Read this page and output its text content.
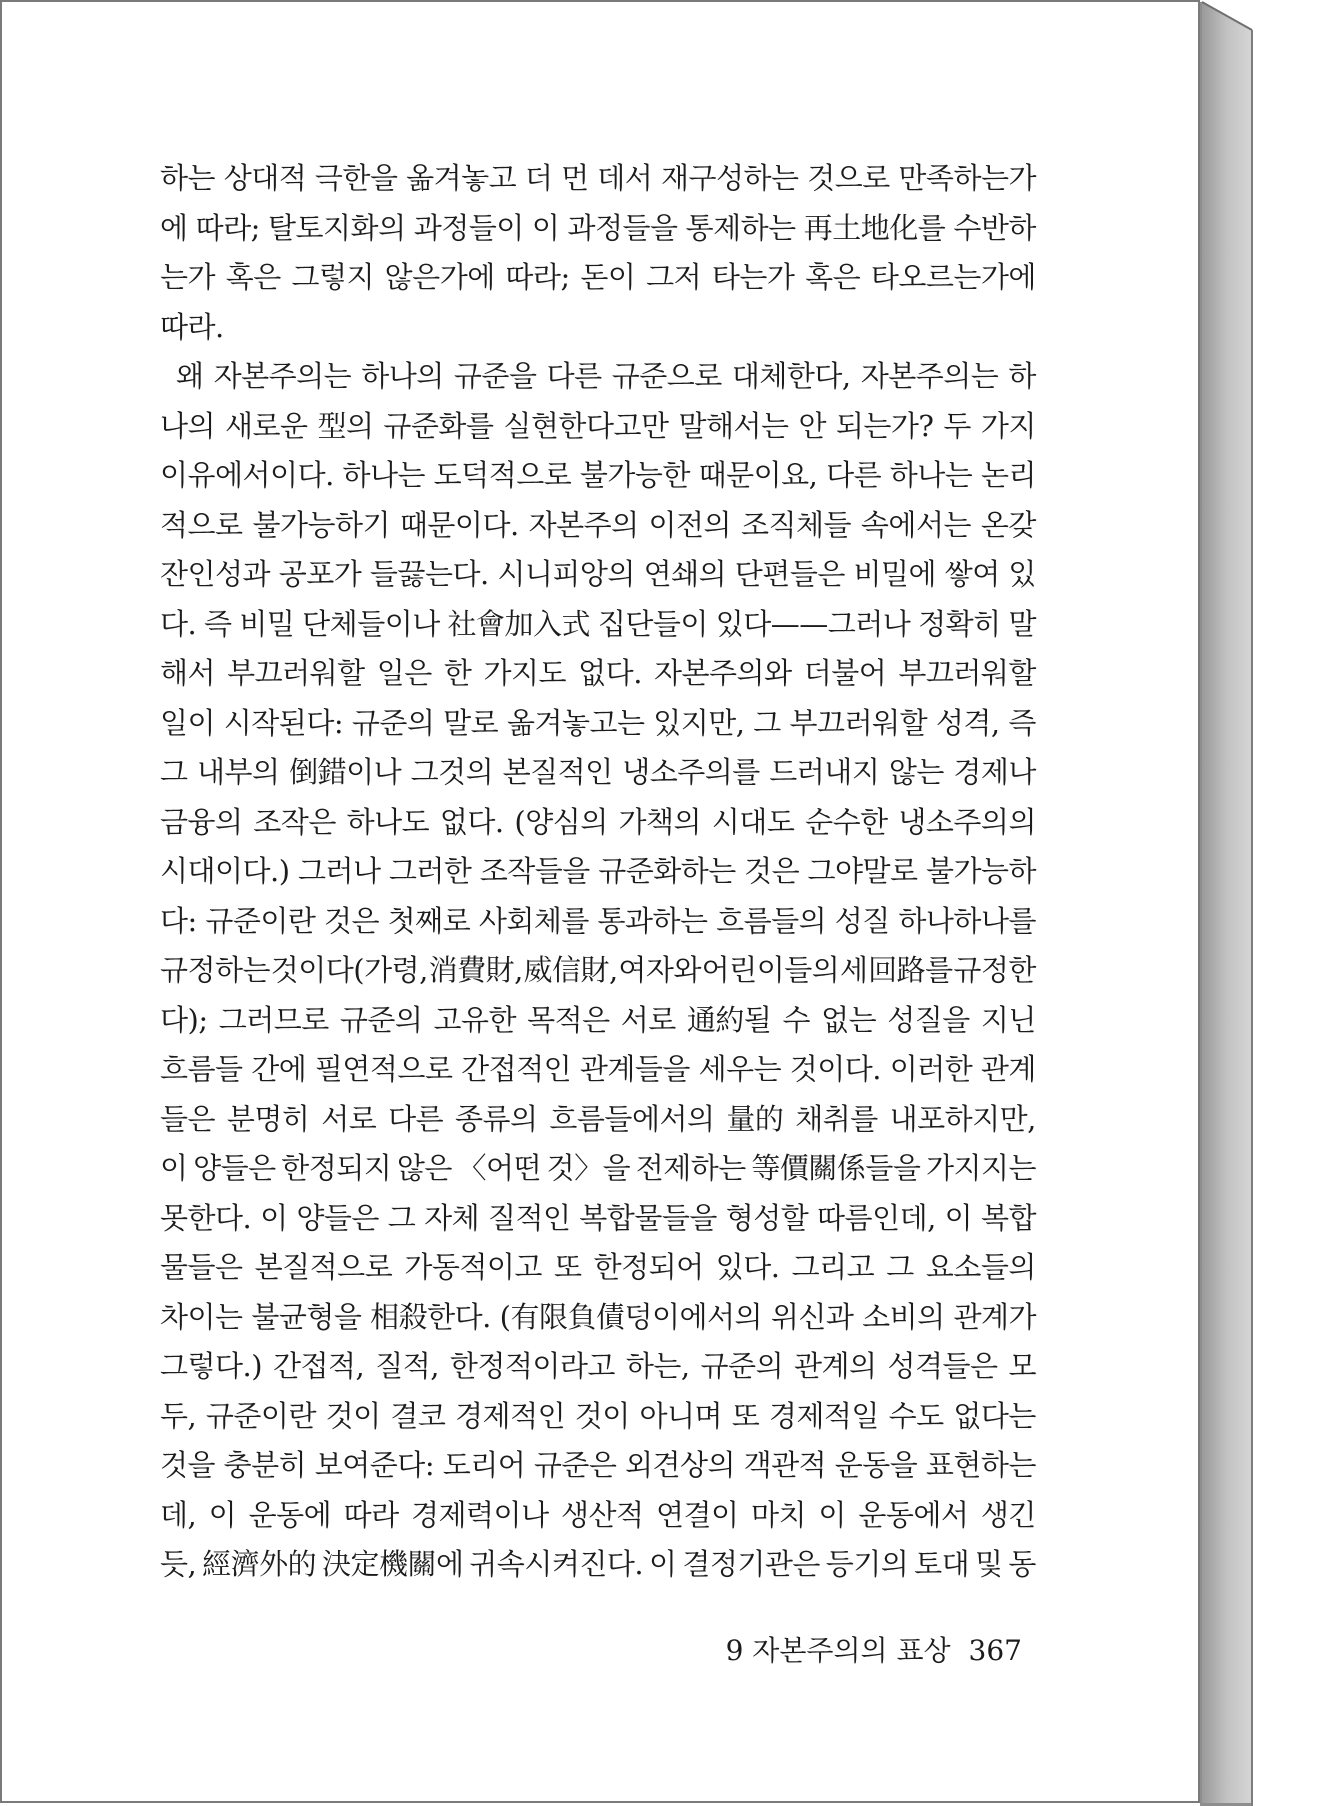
하는 상대적 극한을 옮겨놓고 더 먼 데서 재구성하는 것으로 만족하는가
에 따라; 탈토지화의 과정들이 이 과정들을 통제하는 再土地化를 수반하
는가 혹은 그렇지 않은가에 따라; 돈이 그저 타는가 혹은 타오르는가에
따라.
왜 자본주의는 하나의 규준을 다른 규준으로 대체한다, 자본주의는 하
나의 새로운 型의 규준화를 실현한다고만 말해서는 안 되는가? 두 가지
이유에서이다. 하나는 도덕적으로 불가능한 때문이요, 다른 하나는 논리
적으로 불가능하기 때문이다. 자본주의 이전의 조직체들 속에서는 온갖
잔인성과 공포가 들끓는다. 시니피앙의 연쇄의 단편들은 비밀에 쌓여 있
다. 즉 비밀 단체들이나 社會加入式 집단들이 있다——그러나 정확히 말
해서 부끄러워할 일은 한 가지도 없다. 자본주의와 더불어 부끄러워할
일이 시작된다: 규준의 말로 옮겨놓고는 있지만, 그 부끄러워할 성격, 즉
그 내부의 倒錯이나 그것의 본질적인 냉소주의를 드러내지 않는 경제나
금융의 조작은 하나도 없다. (양심의 가책의 시대도 순수한 냉소주의의
시대이다.) 그러나 그러한 조작들을 규준화하는 것은 그야말로 불가능하
다: 규준이란 것은 첫째로 사회체를 통과하는 흐름들의 성질 하나하나를
규정하는 것이다(가령, 消費財, 威信財, 여자와 어린이들의 세 回路를 규정한
다); 그러므로 규준의 고유한 목적은 서로 通約될 수 없는 성질을 지닌
흐름들 간에 필연적으로 간접적인 관계들을 세우는 것이다. 이러한 관계
들은 분명히 서로 다른 종류의 흐름들에서의 量的 채취를 내포하지만,
이 양들은 한정되지 않은 〈어떤 것〉을 전제하는 等價關係들을 가지지는
못한다. 이 양들은 그 자체 질적인 복합물들을 형성할 따름인데, 이 복합
물들은 본질적으로 가동적이고 또 한정되어 있다. 그리고 그 요소들의
차이는 불균형을 相殺한다. (有限負債덩이에서의 위신과 소비의 관계가
그렇다.) 간접적, 질적, 한정적이라고 하는, 규준의 관계의 성격들은 모
두, 규준이란 것이 결코 경제적인 것이 아니며 또 경제적일 수도 없다는
것을 충분히 보여준다: 도리어 규준은 외견상의 객관적 운동을 표현하는
데, 이 운동에 따라 경제력이나 생산적 연결이 마치 이 운동에서 생긴
듯, 經濟外的 決定機關에 귀속시켜진다. 이 결정기관은 등기의 토대 및 동
9 자본주의의 표상 367
